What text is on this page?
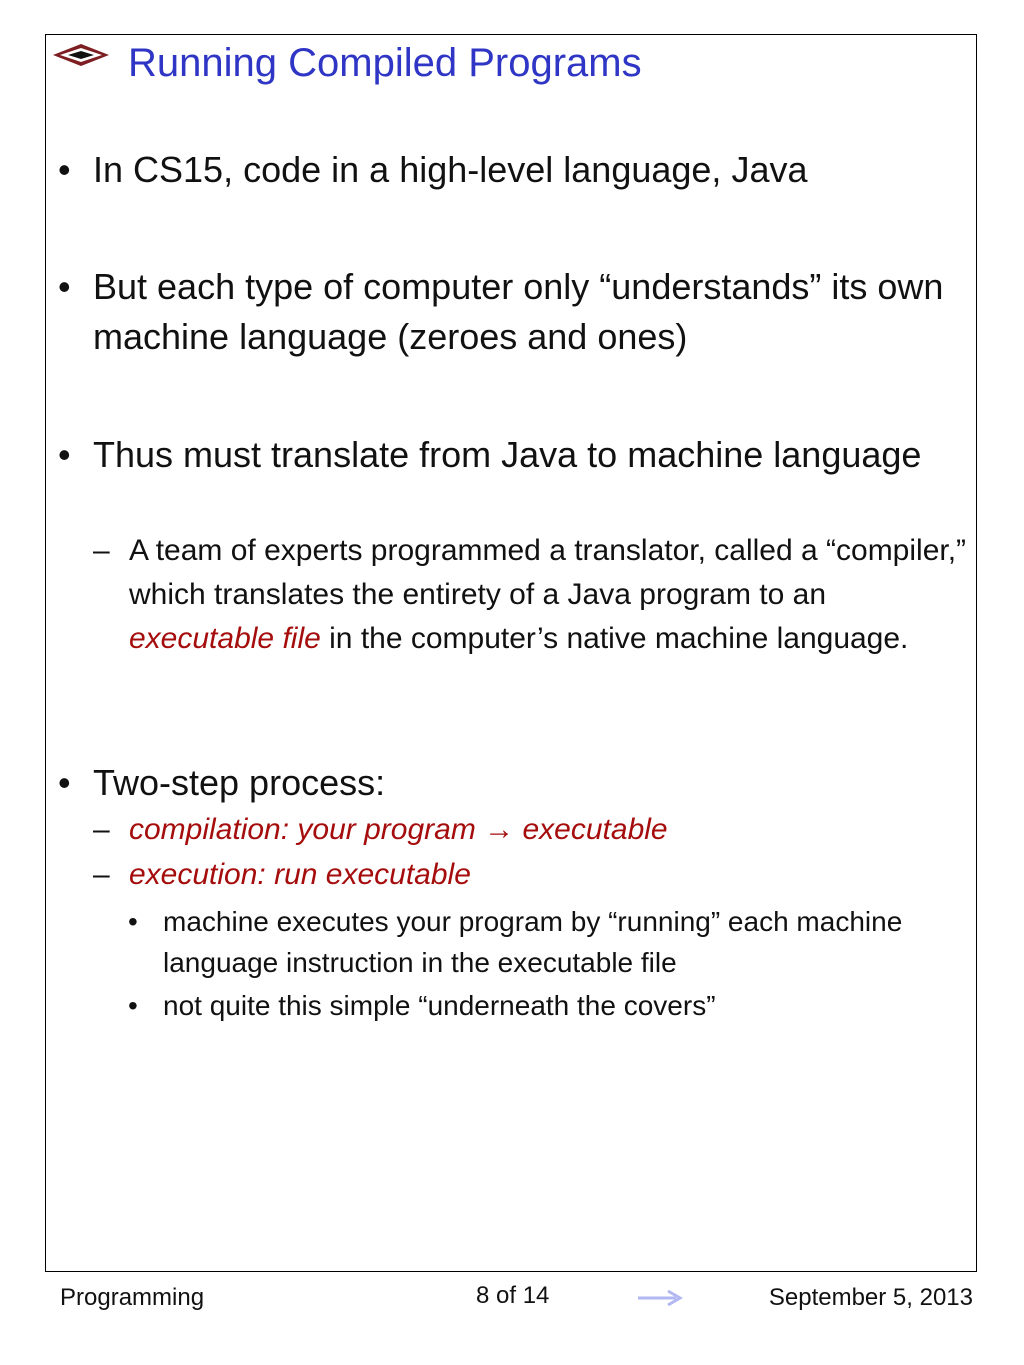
Running Compiled Programs
• In CS15, code in a high-level language, Java
• But each type of computer only “understands” its own machine language (zeroes and ones)
• Thus must translate from Java to machine language
– A team of experts programmed a translator, called a “compiler,” which translates the entirety of a Java program to an executable file in the computer’s native machine language.
• Two-step process:
– compilation: your program → executable
– execution: run executable
• machine executes your program by “running” each machine language instruction in the executable file
• not quite this simple “underneath the covers”
Programming	8 of 14	September 5, 2013
